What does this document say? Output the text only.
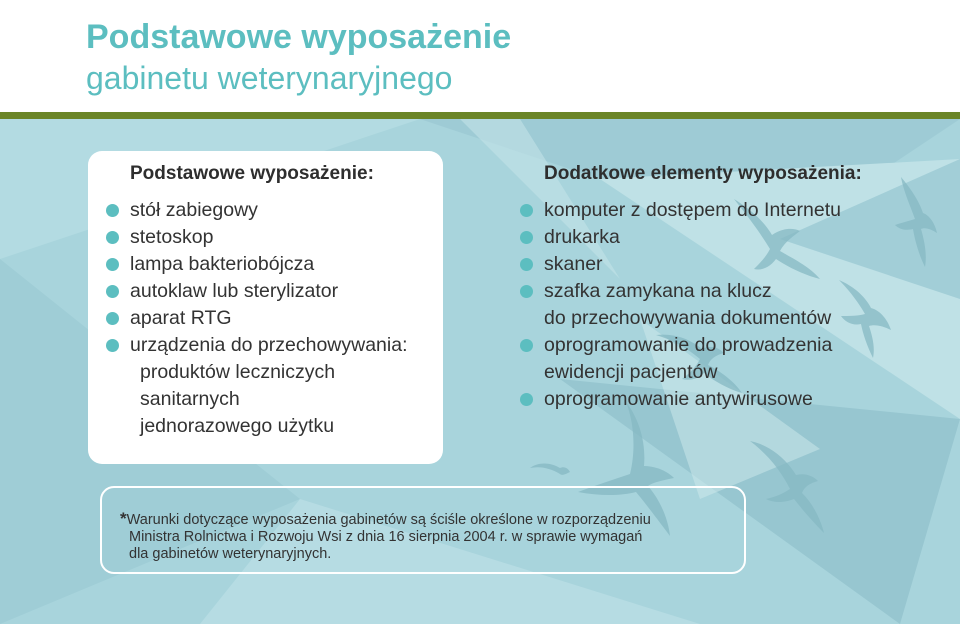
Podstawowe wyposażenie
gabinetu weterynaryjnego
Podstawowe wyposażenie:
stół zabiegowy
stetoskop
lampa bakteriobójcza
autoklaw lub sterylizator
aparat RTG
urządzenia do przechowywania:
produktów leczniczych
sanitarnych
jednorazowego użytku
Dodatkowe elementy wyposażenia:
komputer z dostępem do Internetu
drukarka
skaner
szafka zamykana na klucz
do przechowywania dokumentów
oprogramowanie do prowadzenia
ewidencji pacjentów
oprogramowanie antywirusowe
*Warunki dotyczące wyposażenia gabinetów są ściśle określone w rozporządzeniu
Ministra Rolnictwa i Rozwoju Wsi z dnia 16 sierpnia 2004 r. w sprawie wymagań
dla gabinetów weterynaryjnych.
